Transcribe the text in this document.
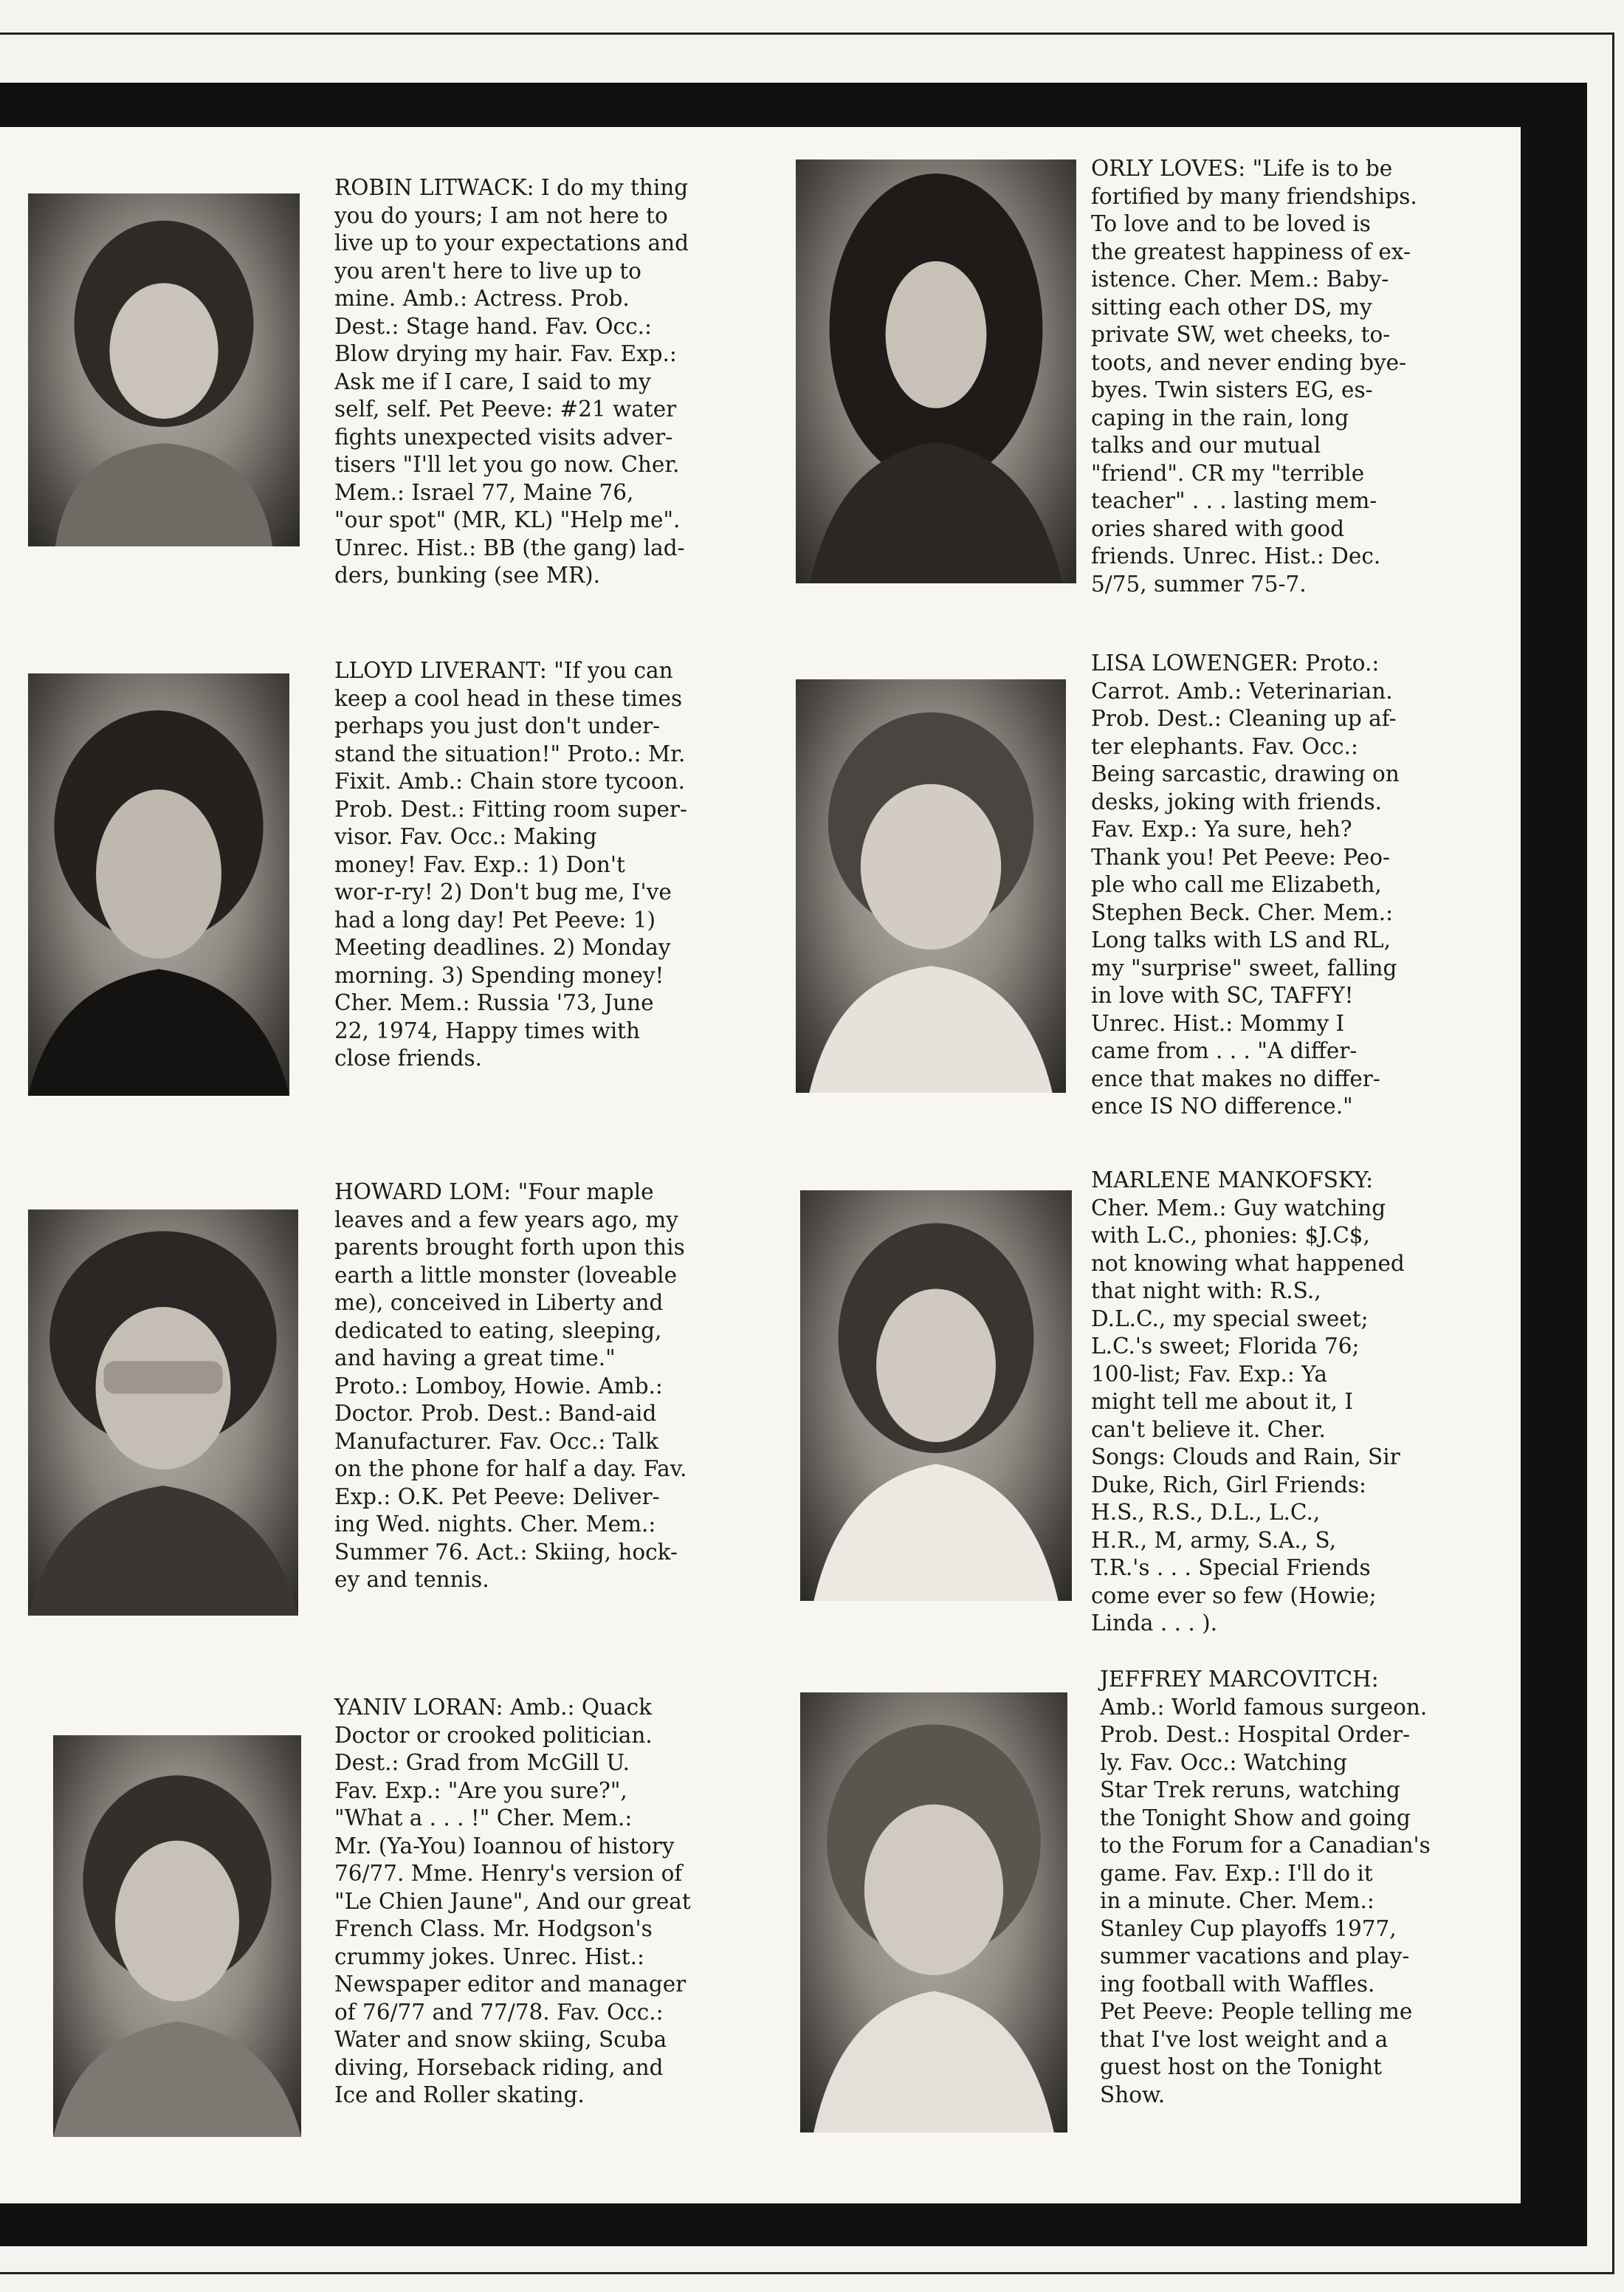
ROBIN LITWACK: I do my thing
you do yours; I am not here to
live up to your expectations and
you aren't here to live up to
mine. Amb.: Actress. Prob.
Dest.: Stage hand. Fav. Occ.:
Blow drying my hair. Fav. Exp.:
Ask me if I care, I said to my
self, self. Pet Peeve: #21 water
fights unexpected visits adver-
tisers "I'll let you go now. Cher.
Mem.: Israel 77, Maine 76,
"our spot" (MR, KL) "Help me".
Unrec. Hist.: BB (the gang) lad-
ders, bunking (see MR).

ORLY LOVES: "Life is to be
fortified by many friendships.
To love and to be loved is
the greatest happiness of ex-
istence. Cher. Mem.: Baby-
sitting each other DS, my
private SW, wet cheeks, to-
toots, and never ending bye-
byes. Twin sisters EG, es-
caping in the rain, long
talks and our mutual
"friend". CR my "terrible
teacher" . . . lasting mem-
ories shared with good
friends. Unrec. Hist.: Dec.
5/75, summer 75-7.

LLOYD LIVERANT: "If you can
keep a cool head in these times
perhaps you just don't under-
stand the situation!" Proto.: Mr.
Fixit. Amb.: Chain store tycoon.
Prob. Dest.: Fitting room super-
visor. Fav. Occ.: Making
money! Fav. Exp.: 1) Don't
wor-r-ry! 2) Don't bug me, I've
had a long day! Pet Peeve: 1)
Meeting deadlines. 2) Monday
morning. 3) Spending money!
Cher. Mem.: Russia '73, June
22, 1974, Happy times with
close friends.

LISA LOWENGER: Proto.:
Carrot. Amb.: Veterinarian.
Prob. Dest.: Cleaning up af-
ter elephants. Fav. Occ.:
Being sarcastic, drawing on
desks, joking with friends.
Fav. Exp.: Ya sure, heh?
Thank you! Pet Peeve: Peo-
ple who call me Elizabeth,
Stephen Beck. Cher. Mem.:
Long talks with LS and RL,
my "surprise" sweet, falling
in love with SC, TAFFY!
Unrec. Hist.: Mommy I
came from . . . "A differ-
ence that makes no differ-
ence IS NO difference."

HOWARD LOM: "Four maple
leaves and a few years ago, my
parents brought forth upon this
earth a little monster (loveable
me), conceived in Liberty and
dedicated to eating, sleeping,
and having a great time."
Proto.: Lomboy, Howie. Amb.:
Doctor. Prob. Dest.: Band-aid
Manufacturer. Fav. Occ.: Talk
on the phone for half a day. Fav.
Exp.: O.K. Pet Peeve: Deliver-
ing Wed. nights. Cher. Mem.:
Summer 76. Act.: Skiing, hock-
ey and tennis.

MARLENE MANKOFSKY:
Cher. Mem.: Guy watching
with L.C., phonies: $J.C$,
not knowing what happened
that night with: R.S.,
D.L.C., my special sweet;
L.C.'s sweet; Florida 76;
100-list; Fav. Exp.: Ya
might tell me about it, I
can't believe it. Cher.
Songs: Clouds and Rain, Sir
Duke, Rich, Girl Friends:
H.S., R.S., D.L., L.C.,
H.R., M, army, S.A., S,
T.R.'s . . . Special Friends
come ever so few (Howie;
Linda . . . ).

YANIV LORAN: Amb.: Quack
Doctor or crooked politician.
Dest.: Grad from McGill U.
Fav. Exp.: "Are you sure?",
"What a . . . !" Cher. Mem.:
Mr. (Ya-You) Ioannou of history
76/77. Mme. Henry's version of
"Le Chien Jaune", And our great
French Class. Mr. Hodgson's
crummy jokes. Unrec. Hist.:
Newspaper editor and manager
of 76/77 and 77/78. Fav. Occ.:
Water and snow skiing, Scuba
diving, Horseback riding, and
Ice and Roller skating.

JEFFREY MARCOVITCH:
Amb.: World famous surgeon.
Prob. Dest.: Hospital Order-
ly. Fav. Occ.: Watching
Star Trek reruns, watching
the Tonight Show and going
to the Forum for a Canadian's
game. Fav. Exp.: I'll do it
in a minute. Cher. Mem.:
Stanley Cup playoffs 1977,
summer vacations and play-
ing football with Waffles.
Pet Peeve: People telling me
that I've lost weight and a
guest host on the Tonight
Show.
